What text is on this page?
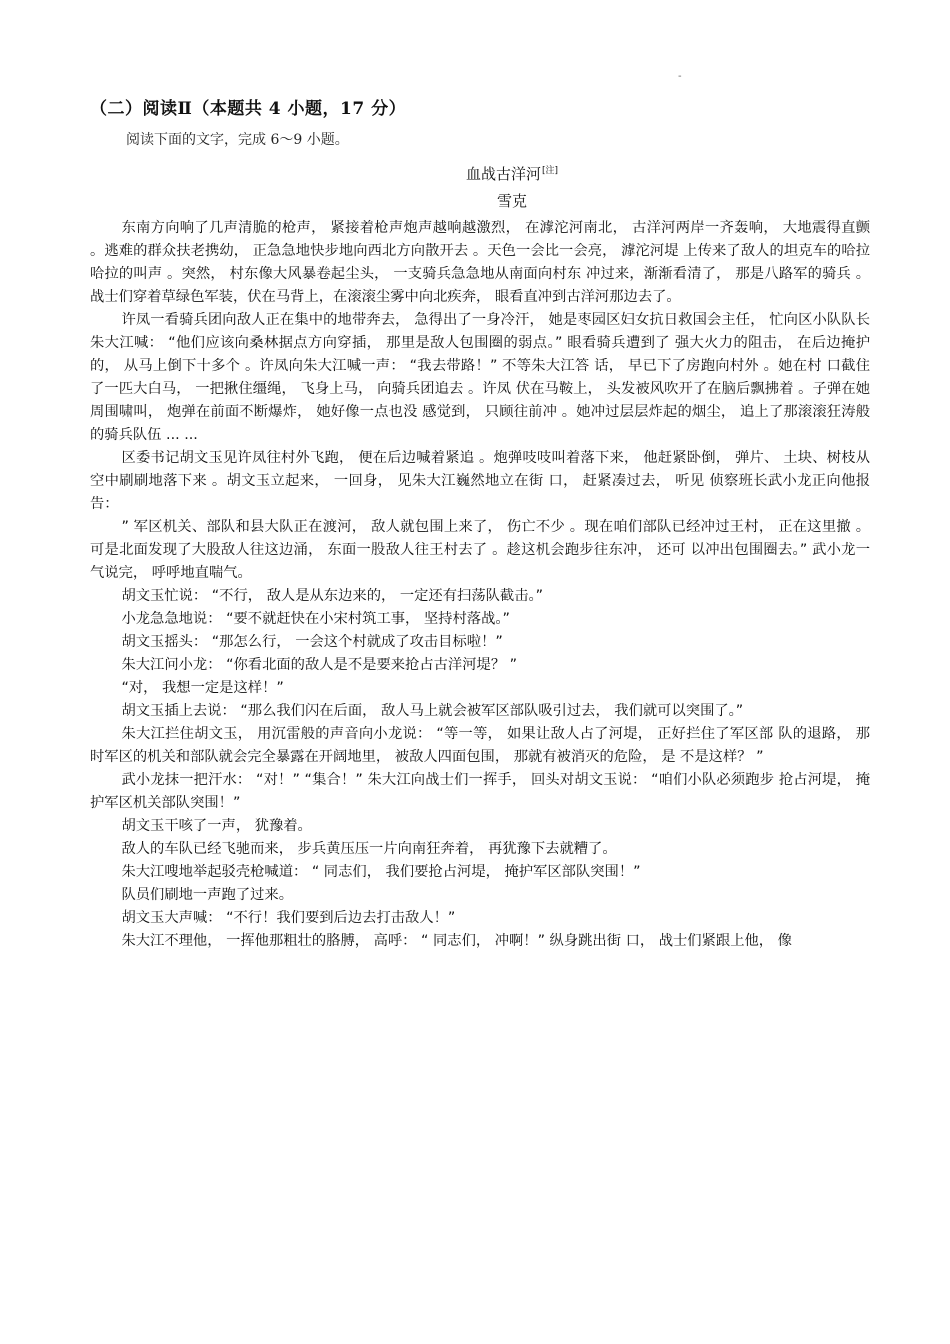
-
（二）阅读Ⅱ（本题共 4 小题，17 分）
阅读下面的文字，完成 6～9 小题。
血战古洋河[注]
雪克

东南方向响了几声清脆的枪声， 紧接着枪声炮声越响越激烈， 在滹沱河南北， 古洋河两岸一齐轰响， 大地震得直颤 。逃难的群众扶老携幼， 正急急地快步地向西北方向散开去 。天色一会比一会亮， 滹沱河堤 上传来了敌人的坦克车的哈拉哈拉的叫声 。突然， 村东像大风暴卷起尘头， 一支骑兵急急地从南面向村东 冲过来，渐渐看清了， 那是八路军的骑兵 。战士们穿着草绿色军装，伏在马背上，在滚滚尘雾中向北疾奔， 眼看直冲到古洋河那边去了。

许凤一看骑兵团向敌人正在集中的地带奔去， 急得出了一身冷汗， 她是枣园区妇女抗日救国会主任， 忙向区小队队长朱大江喊： “他们应该向桑林据点方向穿插， 那里是敌人包围圈的弱点。” 眼看骑兵遭到了 强大火力的阻击， 在后边掩护的， 从马上倒下十多个 。许凤向朱大江喊一声： “我去带路！” 不等朱大江答 话， 早已下了房跑向村外 。她在村 口截住了一匹大白马， 一把揪住缰绳， 飞身上马， 向骑兵团追去 。许凤 伏在马鞍上， 头发被风吹开了在脑后飘拂着 。子弹在她周围啸叫， 炮弹在前面不断爆炸， 她好像一点也没 感觉到， 只顾往前冲 。她冲过层层炸起的烟尘， 追上了那滚滚狂涛般的骑兵队伍 ... ...

区委书记胡文玉见许凤往村外飞跑， 便在后边喊着紧追 。炮弹吱吱叫着落下来， 他赶紧卧倒， 弹片、 土块、树枝从空中刷刷地落下来 。胡文玉立起来， 一回身， 见朱大江巍然地立在街 口， 赶紧凑过去， 听见 侦察班长武小龙正向他报告：

” 军区机关、部队和县大队正在渡河， 敌人就包围上来了， 伤亡不少 。现在咱们部队已经冲过王村， 正在这里撤 。可是北面发现了大股敌人往这边涌， 东面一股敌人往王村去了 。趁这机会跑步往东冲， 还可 以冲出包围圈去。” 武小龙一气说完， 呼呼地直喘气。

胡文玉忙说： “不行， 敌人是从东边来的， 一定还有扫荡队截击。”

小龙急急地说： “要不就赶快在小宋村筑工事， 坚持村落战。”

胡文玉摇头： “那怎么行， 一会这个村就成了攻击目标啦！”

朱大江问小龙： “你看北面的敌人是不是要来抢占古洋河堤？ ”

“对， 我想一定是这样！”

胡文玉插上去说： “那么我们闪在后面， 敌人马上就会被军区部队吸引过去， 我们就可以突围了。”

朱大江拦住胡文玉， 用沉雷般的声音向小龙说： “等一等， 如果让敌人占了河堤， 正好拦住了军区部 队的退路， 那时军区的机关和部队就会完全暴露在开阔地里， 被敌人四面包围， 那就有被消灭的危险， 是 不是这样？ ”

武小龙抹一把汗水： “对！” “集合！” 朱大江向战士们一挥手， 回头对胡文玉说： “咱们小队必须跑步 抢占河堤， 掩护军区机关部队突围！”

胡文玉干咳了一声， 犹豫着。

敌人的车队已经飞驰而来， 步兵黄压压一片向南狂奔着， 再犹豫下去就糟了。

朱大江嗖地举起驳壳枪喊道： “ 同志们， 我们要抢占河堤， 掩护军区部队突围！”

队员们刷地一声跑了过来。

胡文玉大声喊： “不行！我们要到后边去打击敌人！”

朱大江不理他， 一挥他那粗壮的胳膊， 高呼： “ 同志们， 冲啊！” 纵身跳出街 口， 战士们紧跟上他， 像
